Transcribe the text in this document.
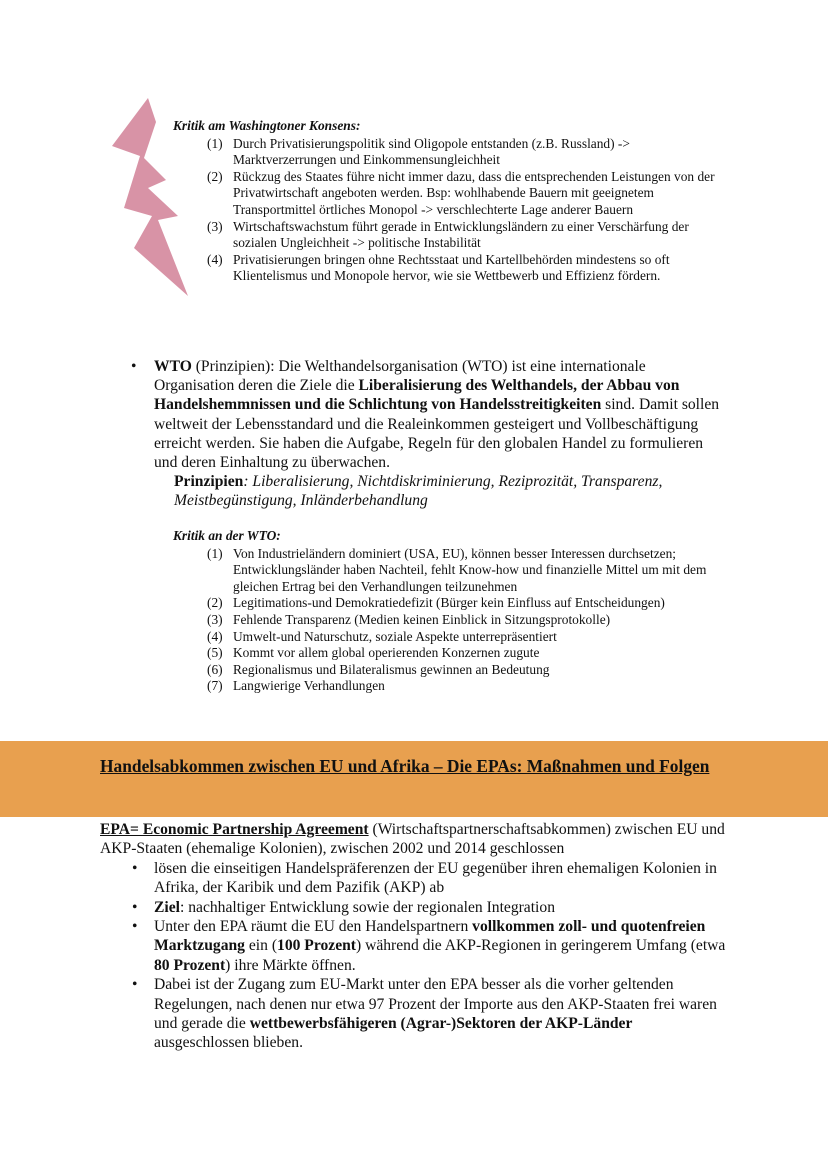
Kritik am Washingtoner Konsens:
(1) Durch Privatisierungspolitik sind Oligopole entstanden (z.B. Russland) -> Marktverzerrungen und Einkommensungleichheit
(2) Rückzug des Staates führe nicht immer dazu, dass die entsprechenden Leistungen von der Privatwirtschaft angeboten werden. Bsp: wohlhabende Bauern mit geeignetem Transportmittel örtliches Monopol -> verschlechterte Lage anderer Bauern
(3) Wirtschaftswachstum führt gerade in Entwicklungsländern zu einer Verschärfung der sozialen Ungleichheit -> politische Instabilität
(4) Privatisierungen bringen ohne Rechtsstaat und Kartellbehörden mindestens so oft Klientelismus und Monopole hervor, wie sie Wettbewerb und Effizienz fördern.
• WTO (Prinzipien): Die Welthandelsorganisation (WTO) ist eine internationale Organisation deren die Ziele die Liberalisierung des Welthandels, der Abbau von Handelshemmnissen und die Schlichtung von Handelsstreitigkeiten sind. Damit sollen weltweit der Lebensstandard und die Realeinkommen gesteigert und Vollbeschäftigung erreicht werden. Sie haben die Aufgabe, Regeln für den globalen Handel zu formulieren und deren Einhaltung zu überwachen.
Prinzipien: Liberalisierung, Nichtdiskriminierung, Reziprozität, Transparenz, Meistbegünstigung, Inländerbehandlung
Kritik an der WTO:
(1) Von Industrieländern dominiert (USA, EU), können besser Interessen durchsetzen; Entwicklungsländer haben Nachteil, fehlt Know-how und finanzielle Mittel um mit dem gleichen Ertrag bei den Verhandlungen teilzunehmen
(2) Legitimations-und Demokratiedefizit (Bürger kein Einfluss auf Entscheidungen)
(3) Fehlende Transparenz (Medien keinen Einblick in Sitzungsprotokolle)
(4) Umwelt-und Naturschutz, soziale Aspekte unterrepräsentiert
(5) Kommt vor allem global operierenden Konzernen zugute
(6) Regionalismus und Bilateralismus gewinnen an Bedeutung
(7) Langwierige Verhandlungen
Handelsabkommen zwischen EU und Afrika – Die EPAs: Maßnahmen und Folgen

EPA= Economic Partnership Agreement (Wirtschaftspartnerschaftsabkommen) zwischen EU und AKP-Staaten (ehemalige Kolonien), zwischen 2002 und 2014 geschlossen

• lösen die einseitigen Handelspräferenzen der EU gegenüber ihren ehemaligen Kolonien in Afrika, der Karibik und dem Pazifik (AKP) ab
• Ziel: nachhaltiger Entwicklung sowie der regionalen Integration
• Unter den EPA räumt die EU den Handelspartnern vollkommen zoll- und quotenfreien Marktzugang ein (100 Prozent) während die AKP-Regionen in geringerem Umfang (etwa 80 Prozent) ihre Märkte öffnen.
• Dabei ist der Zugang zum EU-Markt unter den EPA besser als die vorher geltenden Regelungen, nach denen nur etwa 97 Prozent der Importe aus den AKP-Staaten frei waren und gerade die wettbewerbsfähigeren (Agrar-)Sektoren der AKP-Länder ausgeschlossen blieben.
